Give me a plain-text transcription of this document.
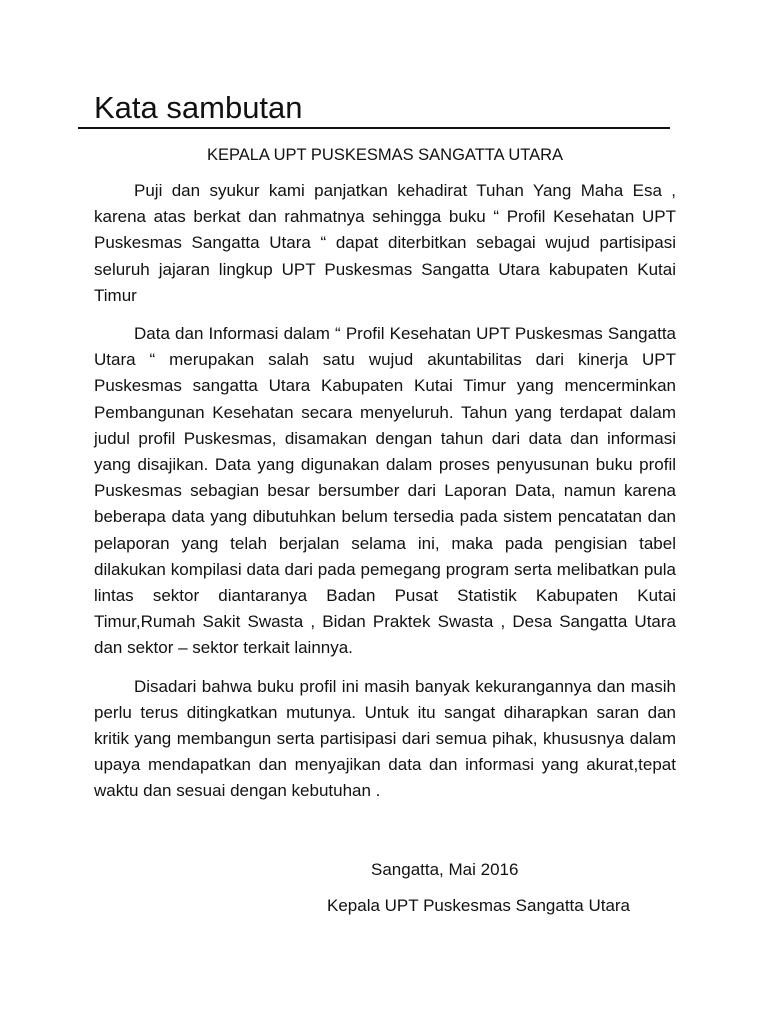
Kata sambutan

KEPALA UPT PUSKESMAS SANGATTA UTARA

Puji dan syukur kami panjatkan kehadirat Tuhan Yang Maha Esa , karena atas berkat dan rahmatnya sehingga buku “ Profil Kesehatan UPT Puskesmas Sangatta Utara “ dapat diterbitkan sebagai wujud partisipasi seluruh jajaran lingkup UPT Puskesmas Sangatta Utara kabupaten Kutai Timur

Data dan Informasi dalam “ Profil Kesehatan UPT Puskesmas Sangatta Utara “ merupakan salah satu wujud akuntabilitas dari kinerja UPT Puskesmas sangatta Utara Kabupaten Kutai Timur yang mencerminkan Pembangunan Kesehatan secara menyeluruh. Tahun yang terdapat dalam judul profil Puskesmas, disamakan dengan tahun dari data dan informasi yang disajikan. Data yang digunakan dalam proses penyusunan buku profil Puskesmas sebagian besar bersumber dari Laporan Data, namun karena beberapa data yang dibutuhkan belum tersedia pada sistem pencatatan dan pelaporan yang telah berjalan selama ini, maka pada pengisian tabel dilakukan kompilasi data dari pada pemegang program serta melibatkan pula lintas sektor diantaranya Badan Pusat Statistik Kabupaten Kutai Timur,Rumah Sakit Swasta , Bidan Praktek Swasta , Desa Sangatta Utara dan sektor – sektor terkait lainnya.

Disadari bahwa buku profil ini masih banyak kekurangannya dan masih perlu terus ditingkatkan mutunya. Untuk itu sangat diharapkan saran dan kritik yang membangun serta partisipasi dari semua pihak, khususnya dalam upaya mendapatkan dan menyajikan data dan informasi yang akurat,tepat waktu dan sesuai dengan kebutuhan .

Sangatta, Mai 2016

Kepala UPT Puskesmas Sangatta Utara
